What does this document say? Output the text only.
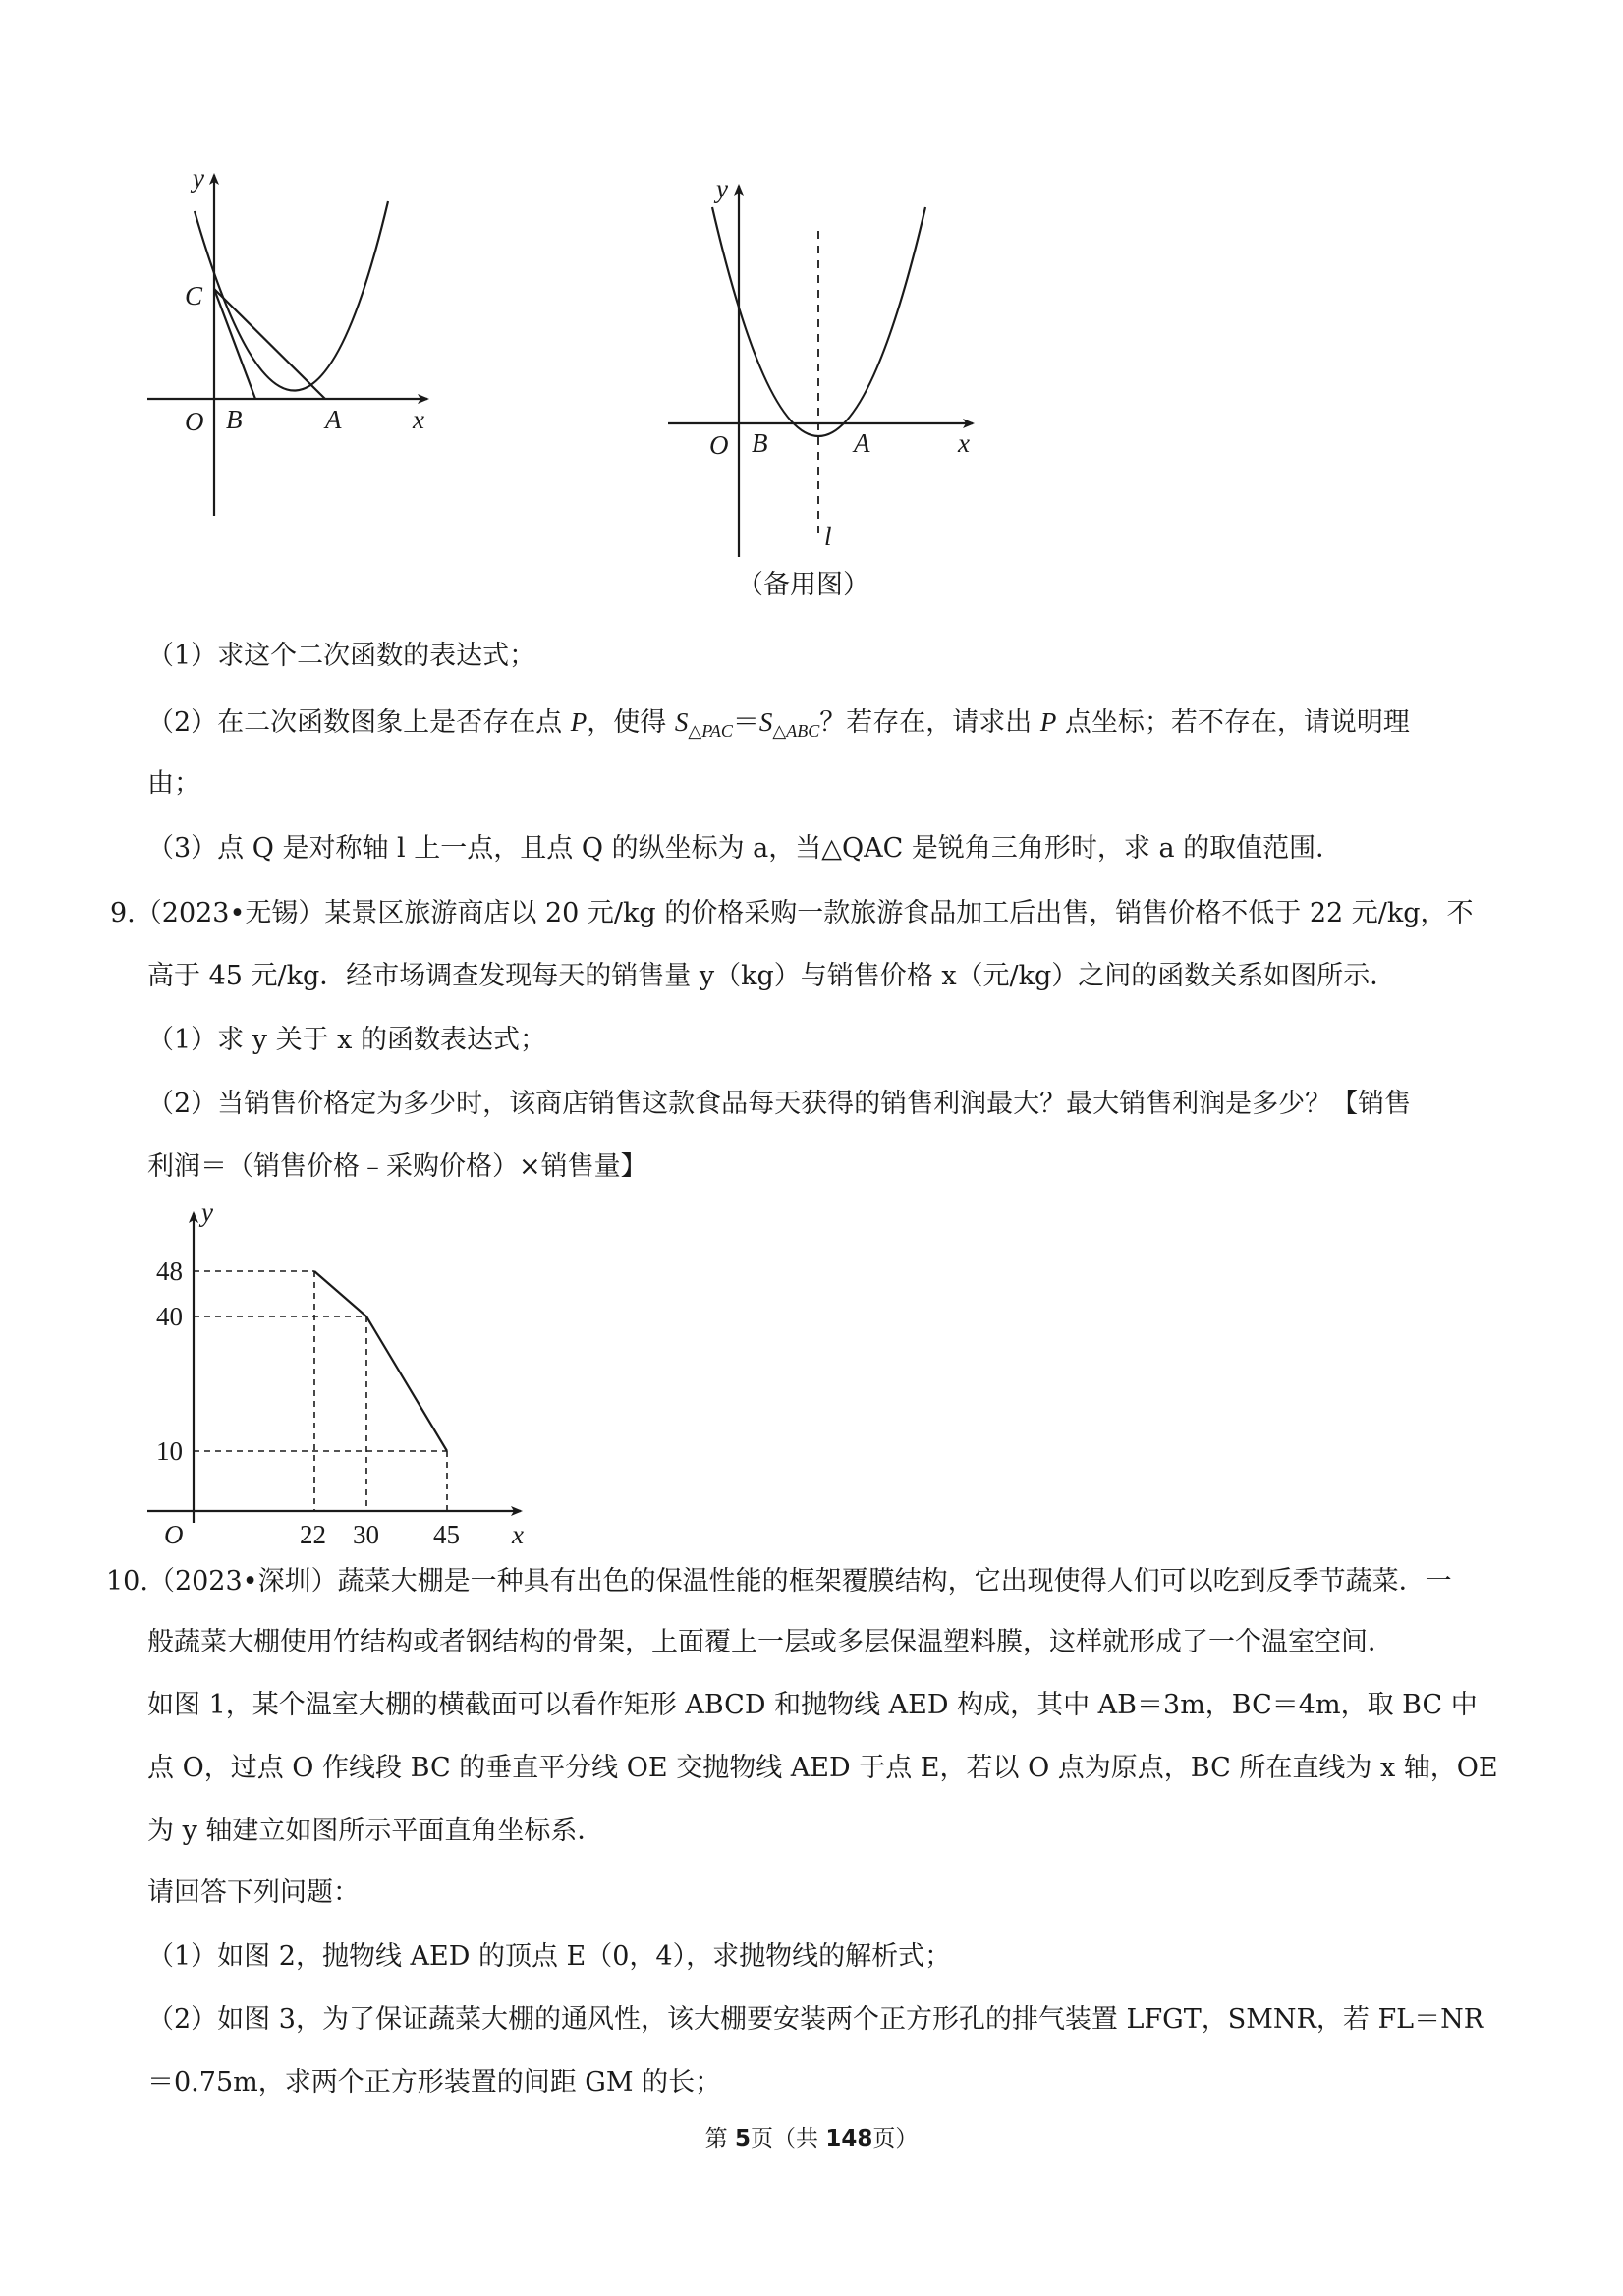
y
C
O B	A	x
y
O B	A	x
l
（备用图）
（1）求这个二次函数的表达式；
（2）在二次函数图象上是否存在点 P，使得 $S_{\triangle PAC}=S_{\triangle ABC}$？若存在，请求出 P 点坐标；若不存在，请说明理
由；
（3）点 Q 是对称轴 l 上一点，且点 Q 的纵坐标为 a，当△QAC 是锐角三角形时，求 a 的取值范围．
9.（2023•无锡）某景区旅游商店以 20 元/kg 的价格采购一款旅游食品加工后出售，销售价格不低于 22 元/kg，不
高于 45 元/kg．经市场调查发现每天的销售量 y（kg）与销售价格 x（元/kg）之间的函数关系如图所示．
（1）求 y 关于 x 的函数表达式；
（2）当销售价格定为多少时，该商店销售这款食品每天获得的销售利润最大？最大销售利润是多少？【销售
利润＝（销售价格﹣采购价格）×销售量】
y
48
40
10
O	22 30 45 x
10.（2023•深圳）蔬菜大棚是一种具有出色的保温性能的框架覆膜结构，它出现使得人们可以吃到反季节蔬菜．一
般蔬菜大棚使用竹结构或者钢结构的骨架，上面覆上一层或多层保温塑料膜，这样就形成了一个温室空间．
如图 1，某个温室大棚的横截面可以看作矩形 ABCD 和抛物线 AED 构成，其中 AB＝3m，BC＝4m，取 BC 中
点 O，过点 O 作线段 BC 的垂直平分线 OE 交抛物线 AED 于点 E，若以 O 点为原点，BC 所在直线为 x 轴，OE
为 y 轴建立如图所示平面直角坐标系．
请回答下列问题：
（1）如图 2，抛物线 AED 的顶点 E（0，4），求抛物线的解析式；
（2）如图 3，为了保证蔬菜大棚的通风性，该大棚要安装两个正方形孔的排气装置 LFGT，SMNR，若 FL＝NR
＝0.75m，求两个正方形装置的间距 GM 的长；
第 5页（共 148页）
